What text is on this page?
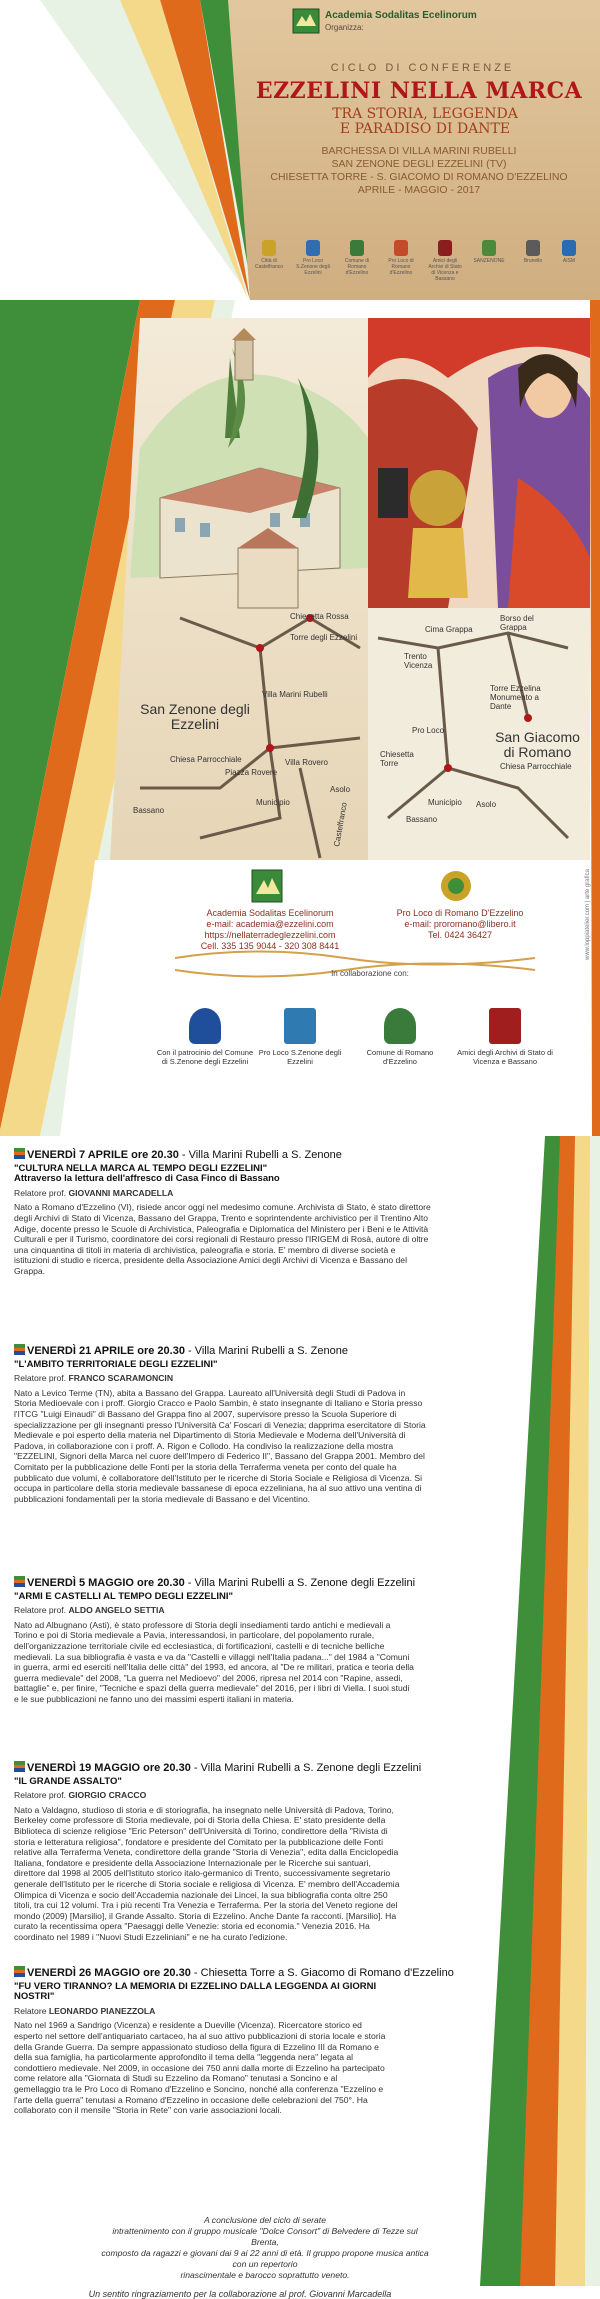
Academia Sodalitas Ecelinorum
Organizza:
CICLO DI CONFERENZE
EZZELINI NELLA MARCA
TRA STORIA, LEGGENDA
E PARADISO DI DANTE
BARCHESSA DI VILLA MARINI RUBELLI
SAN ZENONE DEGLI EZZELINI (TV)
CHIESETTA TORRE - S. GIACOMO DI ROMANO D'EZZELINO
APRILE - MAGGIO - 2017
Città di Castelfranco
Pro Loco S.Zenone degli Ezzelini
Comune di Romano d'Ezzelino
Pro Loco di Romano d'Ezzelino
Amici degli Archivi di Stato di Vicenza e Bassano
SANZENONE	Brunello	AISM
Chiesetta Rossa
Torre degli Ezzelini
Villa Marini Rubelli
Chiesa Parrocchiale
Piazza Rovere
Villa Rovero
Municipio
Bassano
Asolo
Castelfranco
San Zenone degli Ezzelini
Cima Grappa
Borso del Grappa
Trento Vicenza
Torre Ezzelina Monumento a Dante
Pro Loco
Chiesetta Torre	Chiesa Parrocchiale
Municipio
Bassano
Asolo
San Giacomo di Romano
Academia Sodalitas Ecelinorum
e-mail: academia@ezzelini.com
https://nellaterradeglezzelini.com
Cell. 335 135 9044 - 320 308 8441
Pro Loco di Romano D'Ezzelino
e-mail: proromano@libero.it
Tel. 0424 36427
In collaborazione con:
Con il patrocinio del Comune di S.Zenone degli Ezzelini
Pro Loco S.Zenone degli Ezzelini
Comune di Romano d'Ezzelino
Amici degli Archivi di Stato di Vicenza e Bassano
www.loppiatelier.com | arte grafica
VENERDÌ 7 APRILE ore 20.30 - Villa Marini Rubelli a S. Zenone
"CULTURA NELLA MARCA AL TEMPO DEGLI EZZELINI"
Attraverso la lettura dell'affresco di Casa Finco di Bassano
Relatore prof. GIOVANNI MARCADELLA
Nato a Romano d'Ezzelino (VI), risiede ancor oggi nel medesimo comune. Archivista di Stato, è stato direttore degli Archivi di Stato di Vicenza, Bassano del Grappa, Trento e soprintendente archivistico per il Trentino Alto Adige, docente presso le Scuole di Archivistica, Paleografia e Diplomatica del Ministero per i Beni e le Attività Culturali e per il Turismo, coordinatore dei corsi regionali di Restauro presso l'IRIGEM di Rosà, autore di oltre una cinquantina di titoli in materia di archivistica, paleografia e storia. E' membro di diverse società e istituzioni di studio e ricerca, presidente della Associazione Amici degli Archivi di Vicenza e Bassano del Grappa.
VENERDÌ 21 APRILE ore 20.30 - Villa Marini Rubelli a S. Zenone
"L'AMBITO TERRITORIALE DEGLI EZZELINI"
Relatore prof. FRANCO SCARAMONCIN
Nato a Levico Terme (TN), abita a Bassano del Grappa. Laureato all'Università degli Studi di Padova in Storia Medioevale con i proff. Giorgio Cracco e Paolo Sambin, è stato insegnante di Italiano e Storia presso l'ITCG "Luigi Einaudi" di Bassano del Grappa fino al 2007, supervisore presso la Scuola Superiore di specializzazione per gli insegnanti presso l'Università Ca' Foscari di Venezia; dapprima esercitatore di Storia Medievale e poi esperto della materia nel Dipartimento di Storia Medievale e Moderna dell'Università di Padova, in collaborazione con i proff. A. Rigon e Collodo. Ha condiviso la realizzazione della mostra "EZZELINI, Signori della Marca nel cuore dell'Impero di Federico II", Bassano del Grappa 2001. Membro del Comitato per la pubblicazione delle Fonti per la storia della Terraferma veneta per conto del quale ha pubblicato due volumi, è collaboratore dell'Istituto per le ricerche di Storia Sociale e Religiosa di Vicenza. Si occupa in particolare della storia medievale bassanese di epoca ezzeliniana, ha al suo attivo una ventina di pubblicazioni fondamentali per la storia medievale di Bassano e del Vicentino.
VENERDÌ 5 MAGGIO ore 20.30 - Villa Marini Rubelli a S. Zenone degli Ezzelini
"ARMI E CASTELLI AL TEMPO DEGLI EZZELINI"
Relatore prof. ALDO ANGELO SETTIA
Nato ad Albugnano (Asti), è stato professore di Storia degli insediamenti tardo antichi e medievali a Torino e poi di Storia medievale a Pavia, interessandosi, in particolare, del popolamento rurale, dell'organizzazione territoriale civile ed ecclesiastica, di fortificazioni, castelli e di tecniche belliche medievali. La sua bibliografia è vasta e va da "Castelli e villaggi nell'Italia padana..." del 1984 a "Comuni in guerra, armi ed eserciti nell'Italia delle città" del 1993, ed ancora, al "De re militari, pratica e teoria della guerra medievale" del 2008, "La guerra nel Medioevo" del 2006, ripresa nel 2014 con "Rapine, assedi, battaglie" e, per finire, "Tecniche e spazi della guerra medievale" del 2016, per i libri di Viella. I suoi studi e le sue pubblicazioni ne fanno uno dei massimi esperti italiani in materia.
VENERDÌ 19 MAGGIO ore 20.30 - Villa Marini Rubelli a S. Zenone degli Ezzelini
"IL GRANDE ASSALTO"
Relatore prof. GIORGIO CRACCO
Nato a Valdagno, studioso di storia e di storiografia, ha insegnato nelle Università di Padova, Torino, Berkeley come professore di Storia medievale, poi di Storia della Chiesa. E' stato presidente della Biblioteca di scienze religiose "Eric Peterson" dell'Università di Torino, condirettore della "Rivista di storia e letteratura religiosa", fondatore e presidente del Comitato per la pubblicazione delle Fonti relative alla Terraferma Veneta, condirettore della grande "Storia di Venezia", edita dalla Enciclopedia Italiana, fondatore e presidente della Associazione Internazionale per le Ricerche sui santuari, direttore dal 1998 al 2005 dell'Istituto storico italo-germanico di Trento, successivamente segretario generale dell'Istituto per le ricerche di Storia sociale e religiosa di Vicenza. E' membro dell'Accademia Olimpica di Vicenza e socio dell'Accademia nazionale dei Lincei, la sua bibliografia conta oltre 250 titoli, tra cui 12 volumi. Tra i più recenti Tra Venezia e Terraferma. Per la storia del Veneto regione del mondo (2009) [Marsilio], il Grande Assalto. Storia di Ezzelino. Anche Dante fa racconti. [Marsilio]. Ha curato la recentissima opera "Paesaggi delle Venezie: storia ed economia." Venezia 2016. Ha coordinato nel 1989 i "Nuovi Studi Ezzeliniani" e ne ha curato l'edizione.
VENERDÌ 26 MAGGIO ore 20.30 - Chiesetta Torre a S. Giacomo di Romano d'Ezzelino
"FU VERO TIRANNO? LA MEMORIA DI EZZELINO DALLA LEGGENDA AI GIORNI NOSTRI"
Relatore LEONARDO PIANEZZOLA
Nato nel 1969 a Sandrigo (Vicenza) e residente a Dueville (Vicenza). Ricercatore storico ed esperto nel settore dell'antiquariato cartaceo, ha al suo attivo pubblicazioni di storia locale e storia della Grande Guerra. Da sempre appassionato studioso della figura di Ezzelino III da Romano e della sua famiglia, ha particolarmente approfondito il tema della "leggenda nera" legata al condottiero medievale. Nel 2009, in occasione dei 750 anni dalla morte di Ezzelino ha partecipato come relatore alla "Giornata di Studi su Ezzelino da Romano" tenutasi a Soncino e al gemellaggio tra le Pro Loco di Romano d'Ezzelino e Soncino, nonché alla conferenza "Ezzelino e l'arte della guerra" tenutasi a Romano d'Ezzelino in occasione delle celebrazioni del 750°. Ha collaborato con il mensile "Storia in Rete" con varie associazioni locali.
A conclusione del ciclo di serate
intrattenimento con il gruppo musicale "Dolce Consort" di Belvedere di Tezze sul Brenta,
composto da ragazzi e giovani dai 9 ai 22 anni di età. Il gruppo propone musica antica con un repertorio
rinascimentale e barocco soprattutto veneto.
Un sentito ringraziamento per la collaborazione al prof. Giovanni Marcadella
